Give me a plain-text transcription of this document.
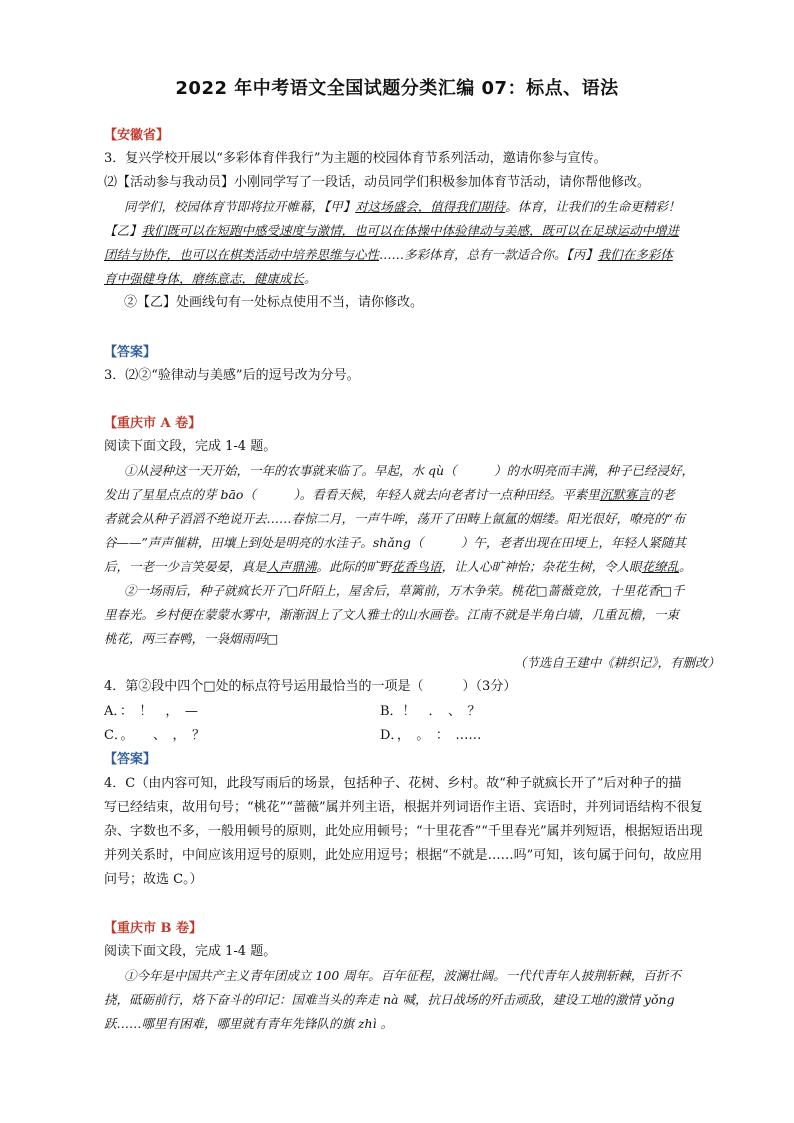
2022 年中考语文全国试题分类汇编 07：标点、语法
【安徽省】
3．复兴学校开展以“多彩体育伴我行”为主题的校园体育节系列活动，邀请你参与宣传。
⑵【活动参与我动员】小刚同学写了一段话，动员同学们积极参加体育节活动，请你帮他修改。
同学们，校园体育节即将拉开帷幕，【甲】对这场盛会，值得我们期待。体育，让我们的生命更精彩！
【乙】我们既可以在短跑中感受速度与激情，也可以在体操中体验律动与美感，既可以在足球运动中增进
团结与协作，也可以在棋类活动中培养思维与心性……多彩体育，总有一款适合你。【丙】我们在多彩体
育中强健身体，磨练意志，健康成长。
②【乙】处画线句有一处标点使用不当，请你修改。
【答案】
3．⑵②“验律动与美感”后的逗号改为分号。
【重庆市 A 卷】
阅读下面文段，完成 1-4 题。
①从浸种这一天开始，一年的农事就来临了。早起，水 qù（　　　）的水明亮而丰满，种子已经浸好，
发出了星星点点的芽 bāo（　　　）。看看天候，年轻人就去向老者讨一点种田经。平素里沉默寡言的老
者就会从种子滔滔不绝说开去……春惊二月，一声牛哞，荡开了田畴上氤氲的烟缕。阳光很好，嘹亮的“布
谷——”声声催耕，田壤上到处是明亮的水洼子。shǎng（　　　）午，老者出现在田埂上，年轻人紧随其
后，一老一少言笑晏晏，真是人声鼎沸。此际的旷野花香鸟语，让人心旷神怡；杂花生树，令人眼花缭乱。
②一场雨后，种子就疯长开了□阡陌上，屋舍后，草篱前，万木争荣。桃花□蔷薇竞放，十里花香□千
里春光。乡村便在蒙蒙水雾中，渐渐洇上了文人雅士的山水画卷。江南不就是半角白墙，几重瓦檐，一束
桃花，两三春鸭，一袅烟雨吗□
（节选自王建中《耕织记》，有删改）
4．第②段中四个□处的标点符号运用最恰当的一项是（　　　）（3分）
A．：　！　，　—	B．！　．　、　？
C．。　　、　，　？	D．，　。　：　……
【答案】
4．C（由内容可知，此段写雨后的场景，包括种子、花树、乡村。故“种子就疯长开了”后对种子的描
写已经结束，故用句号；“桃花”“蔷薇”属并列主语，根据并列词语作主语、宾语时，并列词语结构不很复
杂、字数也不多，一般用顿号的原则，此处应用顿号；“十里花香”“千里春光”属并列短语，根据短语出现
并列关系时，中间应该用逗号的原则，此处应用逗号；根据“不就是……吗”可知，该句属于问句，故应用
问号；故选 C。）
【重庆市 B 卷】
阅读下面文段，完成 1-4 题。
①今年是中国共产主义青年团成立 100 周年。百年征程，波澜壮阔。一代代青年人披荆斩棘，百折不
挠，砥砺前行，烙下奋斗的印记：国难当头的奔走 nà 喊，抗日战场的歼击顽敌，建设工地的激情 yǒng
跃……哪里有困难，哪里就有青年先锋队的旗 zhì 。
